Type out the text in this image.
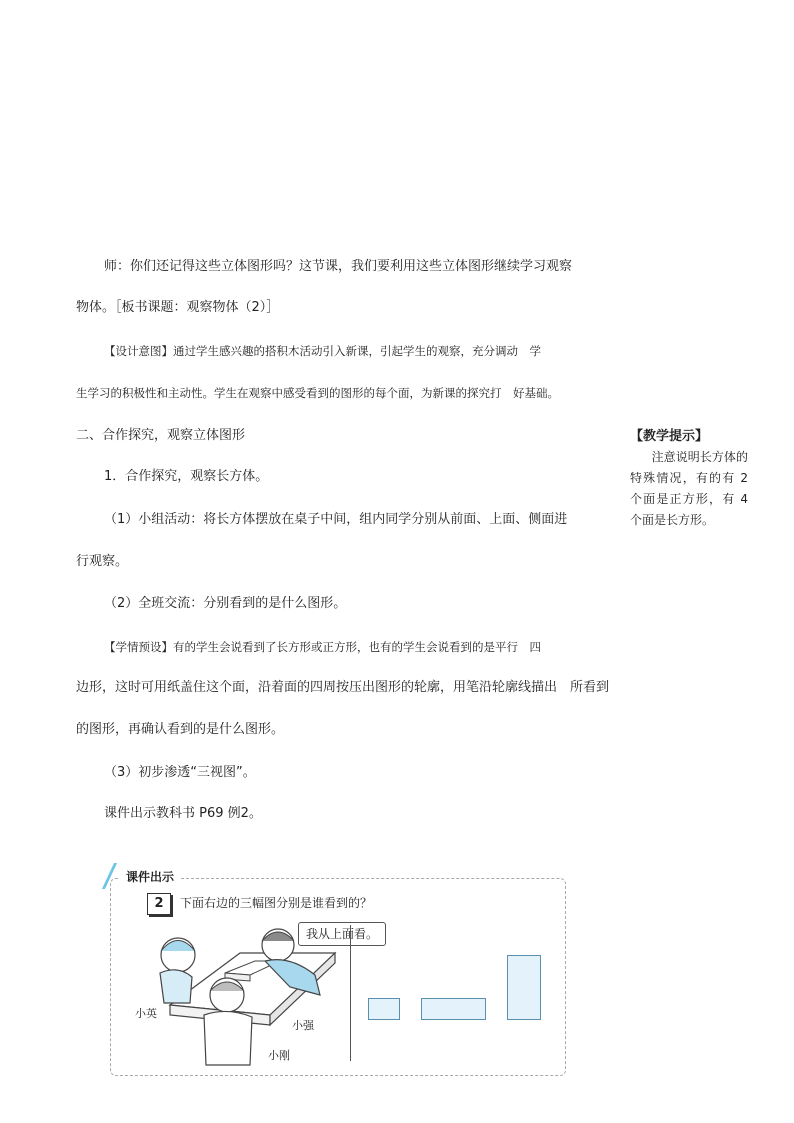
师：你们还记得这些立体图形吗？这节课，我们要利用这些立体图形继续学习观察
物体。［板书课题：观察物体（2）］
【设计意图】通过学生感兴趣的搭积木活动引入新课，引起学生的观察，充分调动　学
生学习的积极性和主动性。学生在观察中感受看到的图形的每个面，为新课的探究打　好基础。
二、合作探究，观察立体图形
1．合作探究，观察长方体。
（1）小组活动：将长方体摆放在桌子中间，组内同学分别从前面、上面、侧面进
行观察。
（2）全班交流：分别看到的是什么图形。
【学情预设】有的学生会说看到了长方形或正方形，也有的学生会说看到的是平行　四
边形，这时可用纸盖住这个面，沿着面的四周按压出图形的轮廓，用笔沿轮廓线描出　所看到
的图形，再确认看到的是什么图形。
（3）初步渗透“三视图”。
课件出示教科书 P69 例2。
【教学提示】
注意说明长方体的特殊情况，有的有 2 个面是正方形，有 4 个面是长方形。
课件出示
2	下面右边的三幅图分别是谁看到的？
我从上面看。
小英
小强
小刚
